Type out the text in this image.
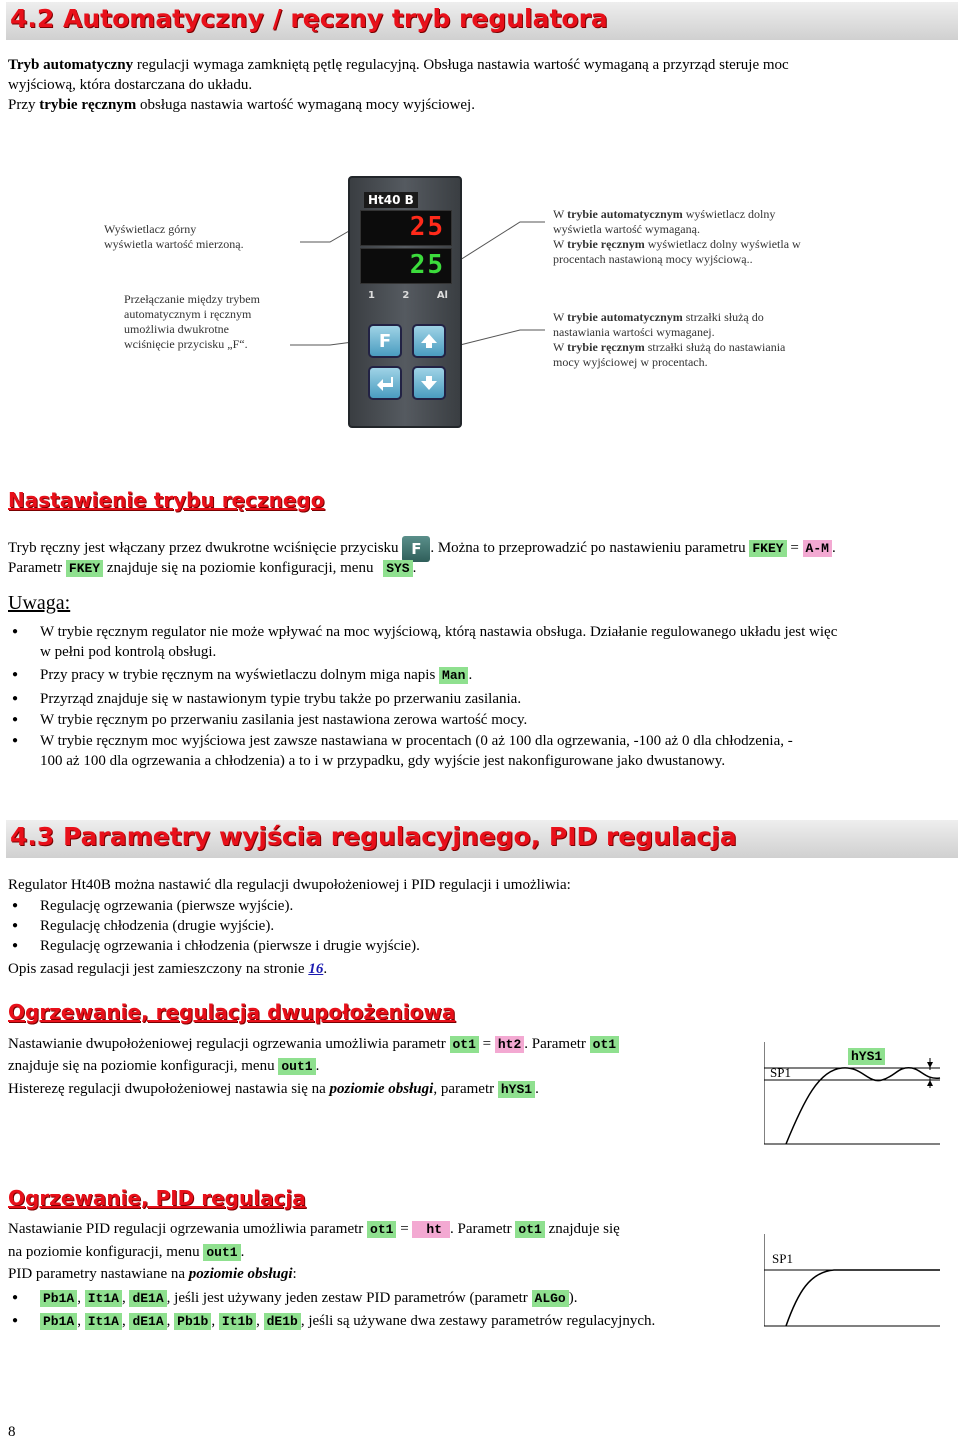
4.2 Automatyczny / ręczny tryb regulatora
Tryb automatyczny regulacji wymaga zamkniętą pętlę regulacyjną. Obsługa nastawia wartość wymaganą a przyrząd steruje moc
wyjściową, która dostarczana do układu.
Przy trybie ręcznym obsługa nastawia wartość wymaganą mocy wyjściowej.
Wyświetlacz górny
wyświetla wartość mierzoną.
Przełączanie między trybem
automatycznym i ręcznym
umożliwia dwukrotne
wciśnięcie przycisku „F“.
W trybie automatycznym wyświetlacz dolny
wyświetla wartość wymaganą.
W trybie ręcznym wyświetlacz dolny wyświetla w
procentach nastawioną mocy wyjściową..
W trybie automatycznym strzałki służą do
nastawiania wartości wymaganej.
W trybie ręcznym strzałki służą do nastawiania
mocy wyjściowej w procentach.
Ht40 B
25
25
1	2	Al
F
Nastawienie trybu ręcznego
Tryb ręczny jest włączany przez dwukrotne wciśnięcie przycisku F . Można to przeprowadzić po nastawieniu parametru FKEY = A-M .
Parametr FKEY znajduje się na poziomie konfiguracji, menu SYS .
Uwaga:
● W trybie ręcznym regulator nie może wpływać na moc wyjściową, którą nastawia obsługa. Działanie regulowanego układu jest więc
w pełni pod kontrolą obsługi.
● Przy pracy w trybie ręcznym na wyświetlaczu dolnym miga napis Man .
● Przyrząd znajduje się w nastawionym typie trybu także po przerwaniu zasilania.
● W trybie ręcznym po przerwaniu zasilania jest nastawiona zerowa wartość mocy.
● W trybie ręcznym moc wyjściowa jest zawsze nastawiana w procentach (0 aż 100 dla ogrzewania, -100 aż 0 dla chłodzenia, -
100 aż 100 dla ogrzewania a chłodzenia) a to i w przypadku, gdy wyjście jest nakonfigurowane jako dwustanowy.
4.3 Parametry wyjścia regulacyjnego, PID regulacja
Regulator Ht40B można nastawić dla regulacji dwupołożeniowej i PID regulacji i umożliwia:
● Regulację ogrzewania (pierwsze wyjście).
● Regulację chłodzenia (drugie wyjście).
● Regulację ogrzewania i chłodzenia (pierwsze i drugie wyjście).
Opis zasad regulacji jest zamieszczony na stronie 16.
Ogrzewanie, regulacja dwupołożeniowa
Nastawianie dwupołożeniowej regulacji ogrzewania umożliwia parametr ot1 = ht2 . Parametr ot1
znajduje się na poziomie konfiguracji, menu out1 .
Histerezę regulacji dwupołożeniowej nastawia się na poziomie obsługi, parametr hYS1 .
SP1
hYS1
Ogrzewanie, PID regulacja
Nastawianie PID regulacji ogrzewania umożliwia parametr ot1 = ht . Parametr ot1 znajduje się
na poziomie konfiguracji, menu out1 .
PID parametry nastawiane na poziomie obsługi:
● Pb1A , It1A , dE1A , jeśli jest używany jeden zestaw PID parametrów (parametr ALGo ).
● Pb1A , It1A , dE1A , Pb1b , It1b , dE1b , jeśli są używane dwa zestawy parametrów regulacyjnych.
SP1
8
